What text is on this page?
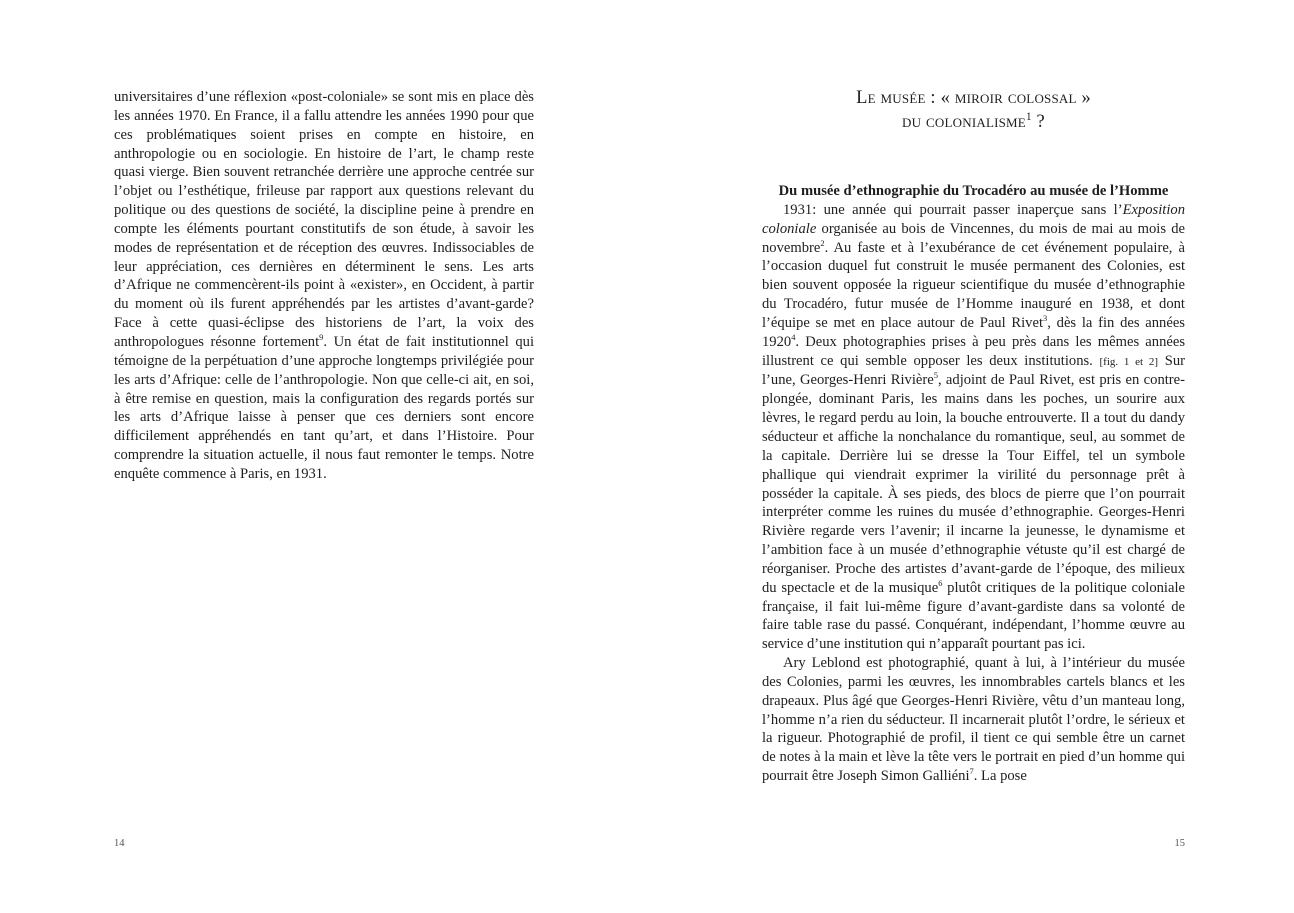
universitaires d’une réflexion «post-coloniale» se sont mis en place dès les années 1970. En France, il a fallu attendre les années 1990 pour que ces problématiques soient prises en compte en histoire, en anthropologie ou en sociologie. En histoire de l’art, le champ reste quasi vierge. Bien souvent retranchée derrière une approche centrée sur l’objet ou l’esthétique, frileuse par rapport aux questions relevant du politique ou des questions de société, la discipline peine à prendre en compte les éléments pourtant constitutifs de son étude, à savoir les modes de représentation et de réception des œuvres. Indissociables de leur appréciation, ces dernières en déterminent le sens. Les arts d’Afrique ne commencèrent-ils point à «exister», en Occident, à partir du moment où ils furent appréhendés par les artistes d’avant-garde? Face à cette quasi-éclipse des historiens de l’art, la voix des anthropologues résonne fortement$^9$. Un état de fait institutionnel qui témoigne de la perpétuation d’une approche longtemps privilégiée pour les arts d’Afrique: celle de l’anthropologie. Non que celle-ci ait, en soi, à être remise en question, mais la configuration des regards portés sur les arts d’Afrique laisse à penser que ces derniers sont encore difficilement appréhendés en tant qu’art, et dans l’Histoire. Pour comprendre la situation actuelle, il nous faut remonter le temps. Notre enquête commence à Paris, en 1931.

14
Le musée : « miroir colossal »
du colonialisme$^1$ ?

Du musée d’ethnographie du Trocadéro au musée de l’Homme

1931: une année qui pourrait passer inaperçue sans l’Exposition coloniale organisée au bois de Vincennes, du mois de mai au mois de novembre$^2$. Au faste et à l’exubérance de cet événement populaire, à l’occasion duquel fut construit le musée permanent des Colonies, est bien souvent opposée la rigueur scientifique du musée d’ethnographie du Trocadéro, futur musée de l’Homme inauguré en 1938, et dont l’équipe se met en place autour de Paul Rivet$^3$, dès la fin des années 1920$^4$. Deux photographies prises à peu près dans les mêmes années illustrent ce qui semble opposer les deux institutions. [fig. 1 et 2] Sur l’une, Georges-Henri Rivière$^5$, adjoint de Paul Rivet, est pris en contre-plongée, dominant Paris, les mains dans les poches, un sourire aux lèvres, le regard perdu au loin, la bouche entrouverte. Il a tout du dandy séducteur et affiche la nonchalance du romantique, seul, au sommet de la capitale. Derrière lui se dresse la Tour Eiffel, tel un symbole phallique qui viendrait exprimer la virilité du personnage prêt à posséder la capitale. À ses pieds, des blocs de pierre que l’on pourrait interpréter comme les ruines du musée d’ethnographie. Georges-Henri Rivière regarde vers l’avenir; il incarne la jeunesse, le dynamisme et l’ambition face à un musée d’ethnographie vétuste qu’il est chargé de réorganiser. Proche des artistes d’avant-garde de l’époque, des milieux du spectacle et de la musique$^6$ plutôt critiques de la politique coloniale française, il fait lui-même figure d’avant-gardiste dans sa volonté de faire table rase du passé. Conquérant, indépendant, l’homme œuvre au service d’une institution qui n’apparaît pourtant pas ici.

Ary Leblond est photographié, quant à lui, à l’intérieur du musée des Colonies, parmi les œuvres, les innombrables cartels blancs et les drapeaux. Plus âgé que Georges-Henri Rivière, vêtu d’un manteau long, l’homme n’a rien du séducteur. Il incarnerait plutôt l’ordre, le sérieux et la rigueur. Photographié de profil, il tient ce qui semble être un carnet de notes à la main et lève la tête vers le portrait en pied d’un homme qui pourrait être Joseph Simon Galliéni$^7$. La pose

15
